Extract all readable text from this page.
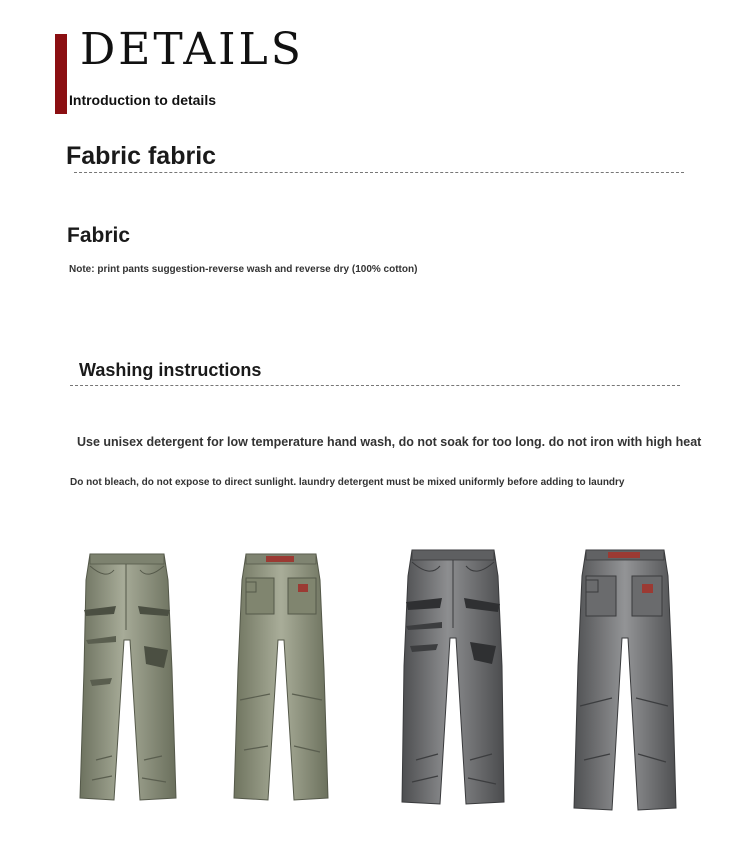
DETAILS

Introduction to details

Fabric fabric
Fabric

Note: print pants suggestion-reverse wash and reverse dry (100% cotton)

Washing instructions

Use unisex detergent for low temperature hand wash, do not soak for too long. do not iron with high heat

Do not bleach, do not expose to direct sunlight. laundry detergent must be mixed uniformly before adding to laundry
